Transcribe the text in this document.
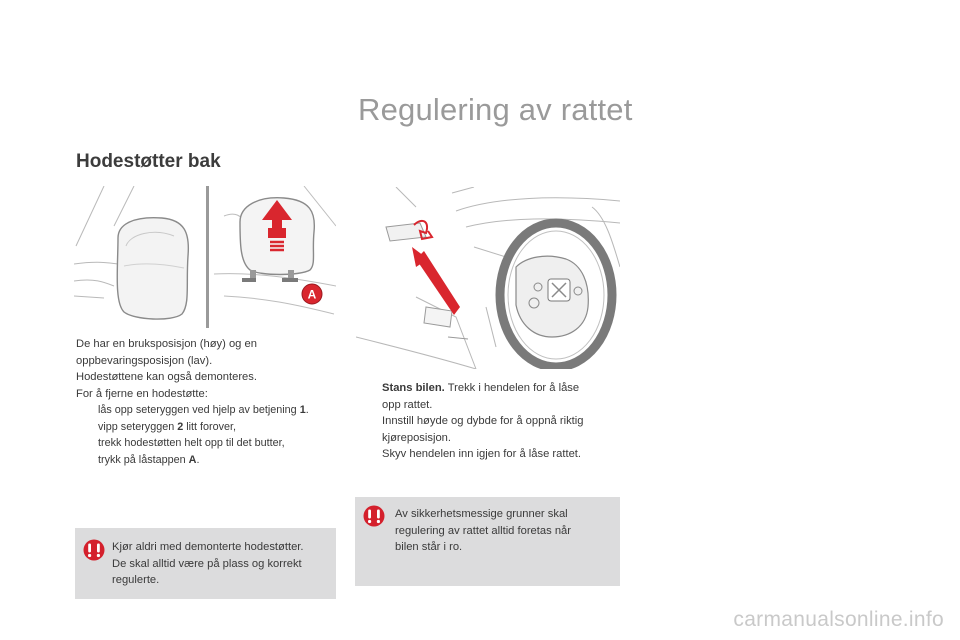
Regulering av rattet
Hodestøtter bak
A
De har en bruksposisjon (høy) og en
oppbevaringsposisjon (lav).
Hodestøttene kan også demonteres.
For å fjerne en hodestøtte:
lås opp seteryggen ved hjelp av betjening 1.
vipp seteryggen 2 litt forover,
trekk hodestøtten helt opp til det butter,
trykk på låstappen A.
Stans bilen. Trekk i hendelen for å låse
opp rattet.
Innstill høyde og dybde for å oppnå riktig
kjøreposisjon.
Skyv hendelen inn igjen for å låse rattet.
Av sikkerhetsmessige grunner skal
regulering av rattet alltid foretas når
bilen står i ro.
Kjør aldri med demonterte hodestøtter.
De skal alltid være på plass og korrekt
regulerte.
carmanualsonline.info
